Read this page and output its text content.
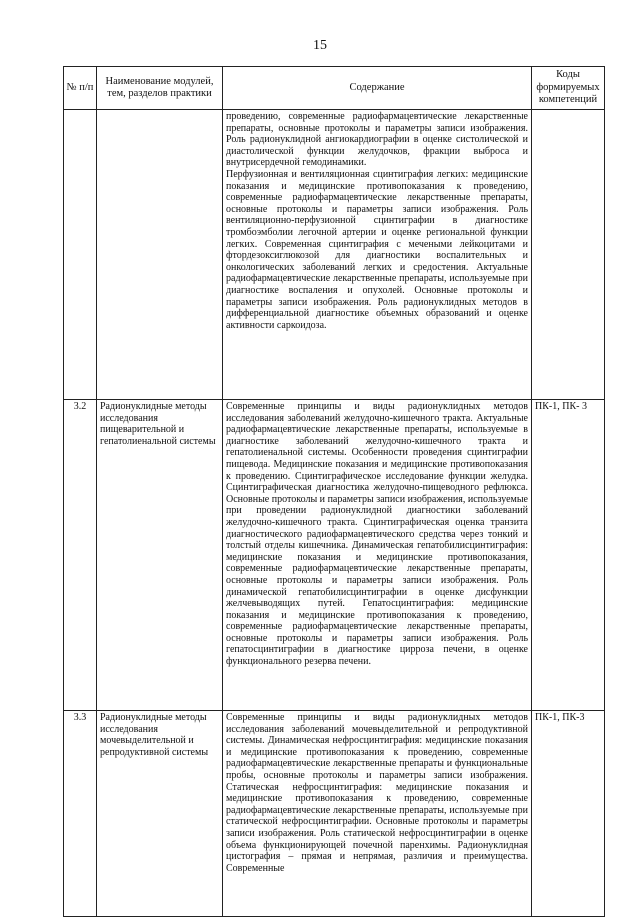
15
№ п/п	Наименование модулей, тем, разделов практики	Содержание	Коды формируемых компетенций

		проведению, современные радиофармацевтические лекарственные препараты, основные протоколы и параметры записи изображения. Роль радионуклидной ангиокардиографии в оценке систолической и диастолической функции желудочков, фракции выброса и внутрисердечной гемодинамики.

Перфузионная и вентиляционная сцинтиграфия легких: медицинские показания и медицинские противопоказания к проведению, современные радиофармацевтические лекарственные препараты, основные протоколы и параметры записи изображения. Роль вентиляционно-перфузионной сцинтиграфии в диагностике тромбоэмболии легочной артерии и оценке региональной функции легких. Современная сцинтиграфия с мечеными лейкоцитами и фтордезоксиглюкозой для диагностики воспалительных и онкологических заболеваний легких и средостения. Актуальные радиофармацевтические лекарственные препараты, используемые при диагностике воспаления и опухолей. Основные протоколы и параметры записи изображения. Роль радионуклидных методов в дифференциальной диагностике объемных образований и оценке активности саркоидоза.	

3.2	Радионуклидные методы исследования пищеварительной и гепатолиенальной системы	Современные принципы и виды радионуклидных методов исследования заболеваний желудочно-кишечного тракта. Актуальные радиофармацевтические лекарственные препараты, используемые в диагностике заболеваний желудочно-кишечного тракта и гепатолиенальной системы. Особенности проведения сцинтиграфии пищевода. Медицинские показания и медицинские противопоказания к проведению. Сцинтиграфическое исследование функции желудка. Сцинтиграфическая диагностика желудочно-пищеводного рефлюкса. Основные протоколы и параметры записи изображения, используемые при проведении радионуклидной диагностики заболеваний желудочно-кишечного тракта. Сцинтиграфическая оценка транзита диагностического радиофармацевтического средства через тонкий и толстый отделы кишечника. Динамическая гепатобилисцинтиграфия: медицинские показания и медицинские противопоказания, современные радиофармацевтические лекарственные препараты, основные протоколы и параметры записи изображения. Роль динамической гепатобилисцинтиграфии в оценке дисфункции желчевыводящих путей. Гепатосцинтиграфия: медицинские показания и медицинские противопоказания к проведению, современные радиофармацевтические лекарственные препараты, основные протоколы и параметры записи изображения. Роль гепатосцинтиграфии в диагностике цирроза печени, в оценке функционального резерва печени.	ПК-1, ПК- 3
3.3	Радионуклидные методы исследования мочевыделительной и репродуктивной системы	Современные принципы и виды радионуклидных методов исследования заболеваний мочевыделительной и репродуктивной системы. Динамическая нефросцинтиграфия: медицинские показания и медицинские противопоказания к проведению, современные радиофармацевтические лекарственные препараты и функциональные пробы, основные протоколы и параметры записи изображения. Статическая нефросцинтиграфия: медицинские показания и медицинские противопоказания к проведению, современные радиофармацевтические лекарственные препараты, используемые при статической нефросцинтиграфии. Основные протоколы и параметры записи изображения. Роль статической нефросцинтиграфии в оценке объема функционирующей почечной паренхимы. Радионуклидная цистография – прямая и непрямая, различия и преимущества. Современные	ПК-1, ПК-3
